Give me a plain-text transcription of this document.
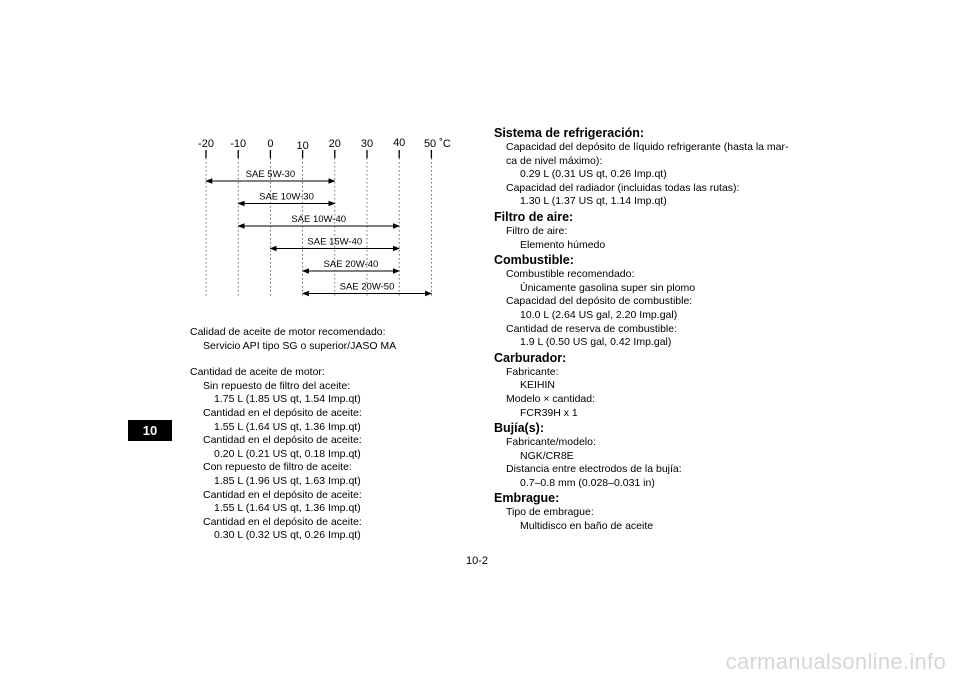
10
-20 -10 0 10 20 30 40 50 ˚C
SAE 5W-30
SAE 10W-30
SAE 10W-40
SAE 15W-40
SAE 20W-40
SAE 20W-50
Calidad de aceite de motor recomendado:
Servicio API tipo SG o superior/JASO MA
Cantidad de aceite de motor:
Sin repuesto de filtro del aceite:
1.75 L (1.85 US qt, 1.54 Imp.qt)
Cantidad en el depósito de aceite:
1.55 L (1.64 US qt, 1.36 Imp.qt)
Cantidad en el depósito de aceite:
0.20 L (0.21 US qt, 0.18 Imp.qt)
Con repuesto de filtro de aceite:
1.85 L (1.96 US qt, 1.63 Imp.qt)
Cantidad en el depósito de aceite:
1.55 L (1.64 US qt, 1.36 Imp.qt)
Cantidad en el depósito de aceite:
0.30 L (0.32 US qt, 0.26 Imp.qt)
Sistema de refrigeración:
Capacidad del depósito de líquido refrigerante (hasta la mar-
ca de nivel máximo):
0.29 L (0.31 US qt, 0.26 Imp.qt)
Capacidad del radiador (incluidas todas las rutas):
1.30 L (1.37 US qt, 1.14 Imp.qt)
Filtro de aire:
Filtro de aire:
Elemento húmedo
Combustible:
Combustible recomendado:
Únicamente gasolina super sin plomo
Capacidad del depósito de combustible:
10.0 L (2.64 US gal, 2.20 Imp.gal)
Cantidad de reserva de combustible:
1.9 L (0.50 US gal, 0.42 Imp.gal)
Carburador:
Fabricante:
KEIHIN
Modelo × cantidad:
FCR39H x 1
Bujía(s):
Fabricante/modelo:
NGK/CR8E
Distancia entre electrodos de la bujía:
0.7–0.8 mm (0.028–0.031 in)
Embrague:
Tipo de embrague:
Multidisco en baño de aceite
10-2
carmanualsonline.info
